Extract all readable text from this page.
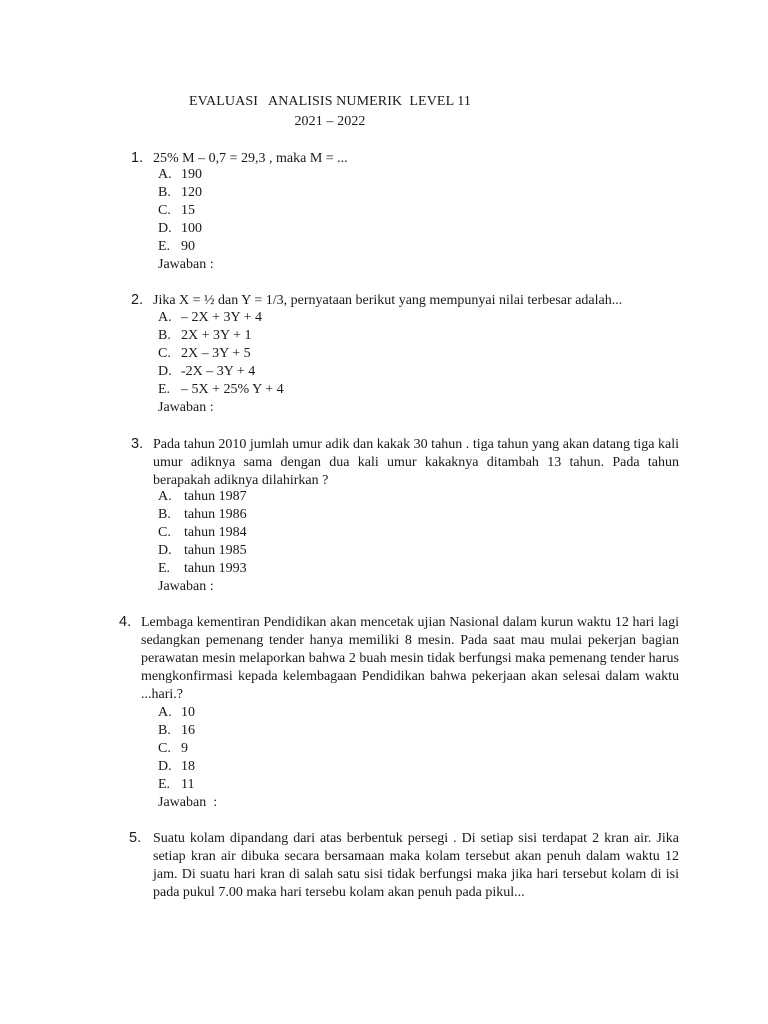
EVALUASI   ANALISIS NUMERIK  LEVEL 11
2021 – 2022
1. 25% M – 0,7 = 29,3 , maka M = ...
A. 190
B. 120
C. 15
D. 100
E. 90
Jawaban :
2. Jika X = ½ dan Y = 1/3, pernyataan berikut yang mempunyai nilai terbesar adalah...
A. – 2X + 3Y + 4
B. 2X + 3Y + 1
C. 2X – 3Y + 5
D. -2X – 3Y + 4
E. – 5X + 25% Y + 4
Jawaban :
3. Pada tahun 2010 jumlah umur adik dan kakak 30 tahun . tiga tahun yang akan datang tiga kali umur adiknya sama dengan dua kali umur kakaknya ditambah 13 tahun. Pada tahun berapakah adiknya dilahirkan ?
A. tahun 1987
B. tahun 1986
C. tahun 1984
D. tahun 1985
E. tahun 1993
Jawaban :
4. Lembaga kementiran Pendidikan akan mencetak ujian Nasional dalam kurun waktu 12 hari lagi sedangkan pemenang tender hanya memiliki 8 mesin. Pada saat mau mulai pekerjan bagian perawatan mesin melaporkan bahwa 2 buah mesin tidak berfungsi maka pemenang tender harus mengkonfirmasi kepada kelembagaan Pendidikan bahwa pekerjaan akan selesai dalam waktu ...hari.?
A. 10
B. 16
C. 9
D. 18
E. 11
Jawaban  :
5. Suatu kolam dipandang dari atas berbentuk persegi . Di setiap sisi terdapat 2 kran air. Jika setiap kran air dibuka secara bersamaan maka kolam tersebut akan penuh dalam waktu 12 jam. Di suatu hari kran di salah satu sisi tidak berfungsi maka jika hari tersebut kolam di isi pada pukul 7.00 maka hari tersebu kolam akan penuh pada pikul...
